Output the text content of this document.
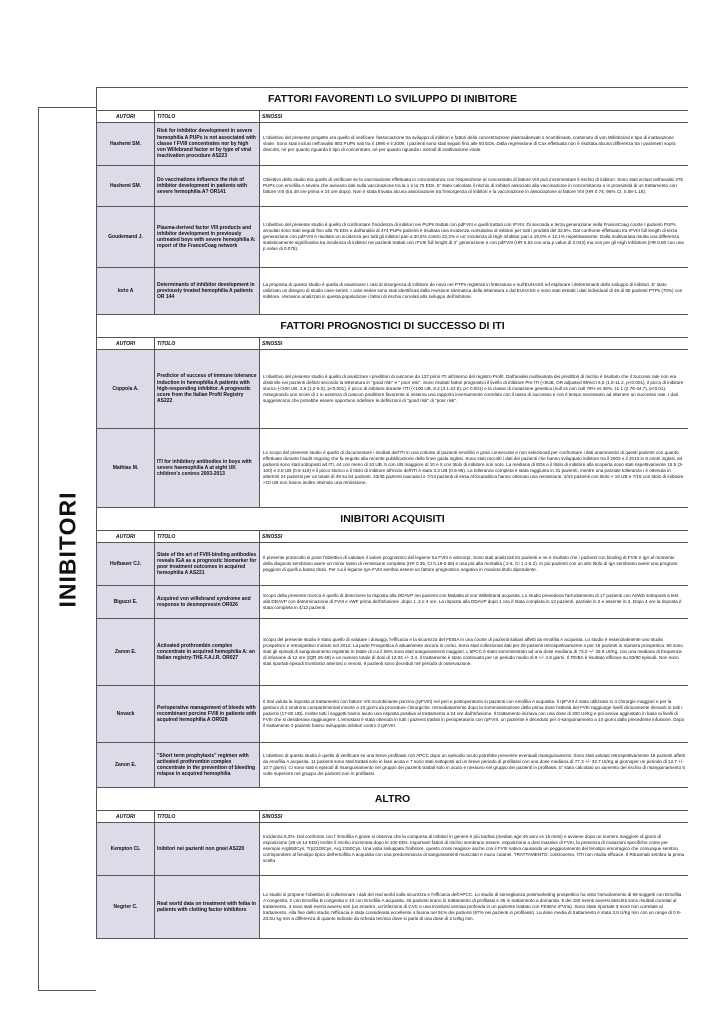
INIBITORI
FATTORI FAVORENTI LO SVILUPPO DI INIBITORE		
AUTORI	TITOLO	SINOSSI
Hashemi SM.	Risk for inhibitor development in severe hemophilia A PUPs is not associated with classe f FVIII concentrates nor by high von Willebrand factor or by type of viral inactivation procedure AS223	L'obiettivo del presente progetto era quello di verificare l'associazione tra sviluppo di inibitori e fattori della concentrazione plasmaderivati o ricombinanti, contenuto di von Willebrand e tipo di inattivazione virale. Sono stati inclusi nell'analisi 883 PUPs nati tra il 1990 e il 2009. I pazienti sono stati seguiti fino alle 50 EDs. Dalla regressione di Cox effettuata non è risultata alcuna differenza tra i parametri sopra descritti, nè per quanto riguarda il tipo di concentrato, nè per quanto riguarda i metodi di inattivazione virale.
Hashemi SM.	Do vaccinations influence the risk of inhibitor development in patients with severe hemophilia A? OR141	Obiettivo dello studio era quello di verificare se la vaccinazione effettuata in concomitanza con l'esposizione al concentrato di fattore VIII può incrementare il rischio di inibitori. Sono stati inclusi nell'analisi 375 PUPs con emofilia A severa che avevano dati sulla vaccinazione tra la 1 e la 75 EDs. E' stato calcolato il rischio di inibitori associato alla vaccinazione in concomitanza o in prossimità di un trattamento con fattore VIII (tra 48 ore prima e 24 ore dopo). Non è stata trovata alcuna associazione tra l'insorgenza di inibitori e la vaccinazione in associazione al fattore VIII (HR 0.74, 95% CI, 0.58-1.16).
Goudemand J.	Plasma-derived factor VIII products and inhibitor development in previously untreated boys with severe hemophilia A: report of the FranceCoag network	L'obiettivo del presente studio è quello di confrontare l'incidenza di inibitori nei PUPs trattati con pdFVIII e quelli trattati con rFVIII. Di seconda e terza generazione nella FranceCoag coorte I pazienti PUPs arruolati sono stati seguiti fino alla 75 EDs e dall'analisi di 474 PUPs pazienti è risultata una incidenza cumulativa di inibitori per tutti i prodotti del 32.5%. Dal confronte effettuato tra rFVIII full length di terza generazione con pdFVIII è risultato un incidenza per tutti gli inibitori pari a 30,6% contro 22,2% e un' incidenza di High inhibitor pari a 19,0% e 12,1% rispettivamente. Dalla multivariata risulta una differenza statisticamente significativa tra incidenza di inibitori nei pazienti trattati con rFVIII full lenght di 3° generazione e con pdFVIII (HR 0.53 con una p value di 0.042) ma non per gli High Inhibitors (HR 0.60 con una p value di 0.075).
Iorio A	Determinants of inhibitor development in previously treated hemophilia A patients OR 144	La proposta di questo studio è quella di esaminare I casi di insorgenza di inibitore de novo nei PTPs registrati in letteratura e sull'EUHASS ed esplorare i determinanti dello sviluppo di inibitori. E' stato utilizzato un disegno di studio case-series. I case series sono stati identificati dalla revisione sitematica della letteratura e dal EUHASS e sono stati estratti i dati individuali di 46 di 65 pazienti PTPs (70%) con inibitore. Verranno analizzati in questa popolazione i fattori di rischio correlati allo sviluppo dell'inibitore.
FATTORI PROGNOSTICI DI SUCCESSO DI ITI		
AUTORI	TITOLO	SINOSSI
Coppola A.	Predictor of success of immune tolerance induction in hemophilia A patients with high-responding inhibitor. A prognostic score from the Italian Profit Registry AS222	L'obiettivo del presente studio è quello di analizzare I predittori di outcome da 137 primi ITI all'interno del registro Profit. Dall'analisi multivariata dei predittori di rischio è risultato che il Success rate non era dissimile nei pazienti definiti secondo la letteratura in "good risk" e " poor risk". Sono risultati fattori prognostici il livello di inibitore Pre ITI (<5UB, OR adjusted 95%CI 6,5 (1.8-11.2, p<0.001), il picco di inibitore storico (<200 UB, 2,6 (1,2-6.5), p<0,001), il picco di inibitore durante l'ITI (<100 UB, 8.2 (3.1-22.8), p< 0.001) e la classe di mutazione genetica (null vs non null 79% vs 48%, 11.1 (2.76-44.7), p<0.01). Assegnando uno score di 1 in assenza di ciascun predittore favorente si osserva una rapporto inversamente correlato con il tasso di successo e con il tempo necessario ad ottenere un successo rate. I dati suggeriscono che potrebbe essere opportuno ridefinire le definizioni di "good risk" di "poor risk".
Mathias M.	ITI for inhibitory antibodies in boys with severe haemophilia A at eight UK children's centres 2003-2013	Lo scopo del presente studio è quello di documentare i risultati dell'ITI in una cohorte di pazienti emofilici A gravi consecutivi e non selezionati per confrontare i dati anamnestici di questi pazienti con quanto effettuato durante l'audit ongoing che fa seguito alla recente pubblicazione delle linee guida inglesi. Sono stati raccolti i dati dei pazienti che hanno sviluppato inibitore tra il 2003 e il 2013 in 8 centri inglesi. 64 pazienti sono stati sottoposti ad ITI, 44 con meno di 10 UB, 5 con UB maggiore di 10 e 5 con titolo di inibitore non noto. La mediana di EDs e il titolo di inibitore alla scoperta sono stati rispettivamente 15.5 (3-100) e 2.8 UB (0.6-119) e il picco storico e il titolo di inibitore all'inizio dell'ITI è stato 3.3 UB (0.6-95). La tolleranza completa è stata raggiunta in 31 pazienti, mentre una parziale tolleranza i è ottenuta in altertrnil 24 pazienti per un totale di 49 su 64 pazienti. 43/45 pazienti caucasici e 7/13 pazienti di etnia Afrocaraibica hanno ottenuto una remissione. 2/44 pazienti con titolo < 10 UB e 7/15 con titolo di inibitore >10 UB non hanno inoltre ottenuto una remissione.
INIBITORI ACQUISITI		
AUTORI	TITOLO	SINOSSI
Hofbauer CJ.	State of the art of FVIII-binding antibodies reveals IGA as a prognostic biomarker for poor treatment outcomes in acquired hemophilia A AS221	Il presente protocollo si pone l'obiettivo di valutare il valore prognostico del legame tra FVIII e anticorpi. Sono stati analizzati 81 pazienti e ne è risultato che i pazienti con binding di FVIII e IgA al momento della diagnosi sembrano avere un minor tasso di remissione completa (HR 0.35, CI 0.18-0.68) e una più alta mortalità ( 2.6, CI 1.1-6.2). In più pazienti con un alto titolo di IgA sembrano avere una prognosi peggiore di quelli a basso titolo. Per cui il legame IgA-FVIII sembra essere un fattore prognostico negativo in maniera titolo dipendente.
Biguzzi E.	Acquired von willebrand syndrome and response to desmopressin OR026	Scopo della presente ricerca è quello di descrivere la risposta alla DDAVP nei pazienti con Malattia di von Willebrand acquisita. Lo studio prevedeva l'arruolamento di 17 pazienti con AvWD sottoposti a test alla DDAVP con determinazione di FVIII e vWF prima dell'infusione ,dopo 1 ,2 e 4 ore. La risposta alla DDAVP dopo 1 ora è stata completa in 12 pazienti, parziale in 2 e assente in 3. Dopo 4 ore la risposta è stata completa in 4/13 pazienti .
Zanon E.	Activated prothrombin complex concentrate in acquired hemophilia A: an Italian registry-THE F.A.I.R. OR027	Scopo del presente studio è stato quello di valutare i dosaggi, l'efficacia e la sicurezza del FEIBA in una coorte di pazienti italiani affetti da emofilia A acquisita. Lo studio è essenzialmente uno studio prospettico e retrospettivo iniziato nel 2012. La parte Prospettica è attualmente ancora in corso. Sono stati collezionati dati per 25 pazienti retrospettivamente e per 15 pazienti in maniera prospettica. 90 sono stati gli episodi di sanguinamento registrati in totale di cui il 55% sono stati sanguinamenti maggiori. L'aPCC è stato somministrato ad una dose mediana di 73.0 +/- 25 8 UI/Kg, con una mediana di frequenza di infusione di 12 ore (IQR 26-48) e un numero totale di dosi di 12.03 +/- 3.4. Il trattamento è stato continuato per un periodo medio di 6 +/- 4.9 giorni. Il FEIBA è risultato efficace su 83/90 episodi. Non sono stati riportati episodi trombotici arteriosi o venosi. 9 pazienti sono deceduti nel periodo di osservazione.
Novack	Perioperative management of bleeds with recombinant porcine FVIII in patients with acquired hemophilia A OR028	Il trial valuta la risposta al trattamento con fattore VIII ricombinante porcino (rpFVIII) nel peri e postoperatorio in pazienti con emofilia A acquisita. Il rpFVIII è stato utilizzato in 3 chirurgie maggiori e per la gestioni di 2 sindromi compartimentali insorte a 10 giorni da procedure chirurgiche. Immediatamente dopo la somministrazione della prima dose l'attività del FVIII raggiunge livelli clinicamente rilevanti in tutti i pazienti (17-80 UB). Inoltre tutti i soggetti hanno avuto una risposta positiva al trattamento a 24 ore dall'infusione. Il trattamento iniziava con una dose di 200 UI/Kg e poi veniva aggiustato in base ai livelli di FVIII che si desiderava raggiungere. L'emostasi è stata ottenuta in tutti i pazienti trattati in perioperatorio con rpFVIII. un paziente è deceduto per ri-sanguinamento a 10 giorni dalla precedente infusione. Dopo il trattamento 2 pazienti hanno sviluppato inibitori contro il rpFVIII.
Zanon E.	"Short term prophylaxis" regimen with activated prothrombin complex concentrate in the prevention of bleeding relapse in acquired hemophilia	L'obiettivo di questo studio è quello di verificare se una breve profilassi con APCC dopo un episodio acuto potrebbe prevenire eventuali risanguinamenti. Sono stati valutati retrospettivamente 18 pazienti affetti da emofilia A acquisita. 11 pazienti sono stati trattati solo in fase acuta e 7 sono stati sottoposti ad un breve periodo di profilassi con una dose mediana di 77.3 +/- 33.7 UI/Kg al giornoper un periodo di 12.7 +/- 10.7 giorni). Ci sono stati 6 episodi di risanguinamento nel gruppo dei pazienti trattati solo in acuto e nessuno nel gruppo dei pazienti in profilassi. E' stato calcolato un aumento del rischio di risanguinamento 5 volte superiore nel gruppo dei pazienti non in profilassi.
ALTRO		
AUTORI	TITOLO	SINOSSI
Kempton CL	Inibitori nei pazienti non gravi AS220	Incidenza 5,3%. Dal confronto con l' Emofilia A grave si osserva che la comparsa di inibitori in genere è più tardiva (median age 46 anni vs 15 mesi) e avviene dopo un numero maggiore di giorni di esposizione (28 vs 14 EDs) Inoltre il rischio incremeta dopo le 100 EDs. Importanti fattori di rischio sembrano essere: esposizione a dosi massive di FVIII, la presenza di mutazioni specifiche come per esempio Arg593Cys, Trp2229Cys, Arg 2150Cys. Una volta sviluppato l'inibitore, questo cross reagisce anche con il FVIII nativo causando un peggioramento del fenotipo emorragico che comunque sembra corrispondere al fenotipo tipico dell'emofilia A acquisita con una predominanza di sanguinamenti muscolari e muco cutanei. TRATTAMENTO: controverso, l'ITI non risulta efficace. Il Rituximab sembra la prima scelta
Negrier C.	Real world data on treatment with feiba in patients with clotting factor inhibitors	Lo studio si propone l'obiettivo di collezionare i dati del real world sulla sicurezza e l'efficacia dell'APCC. Lo studio di sorveglianza postmarketing prospettico ha visto l'arruolamento di 69 soggetti con Emofilia A congenita, 2 con Emofilia B congenita e 10 con Emofilia A acquisita. 45 pazienti erano in trattamento di profilassi e 36 in trattamento a domanda. 9 dei 180 eventi avversi descritti sono risultati correlati al trattamento, 3 sono stati eventi avversi seri (un emartro, un'infezione di CVC e una trombosi venosa profonda in un paziente trattato con FEIBAe rFVIIa). Sono state riportate 3 morti non correlate al trattamento. Alla fine dello studio l'efficacia è stata considerata eccellente o buona nel 91% dei pazienti (97% nei pazienti in profilassi). La dose media di trattamento è stata 3,8 U/Kg min con un range di 0.9-23.5U kg min a differenza di quanto indicato da scheda tecnica dove si parla di una dose di 2 UI/kg min.
